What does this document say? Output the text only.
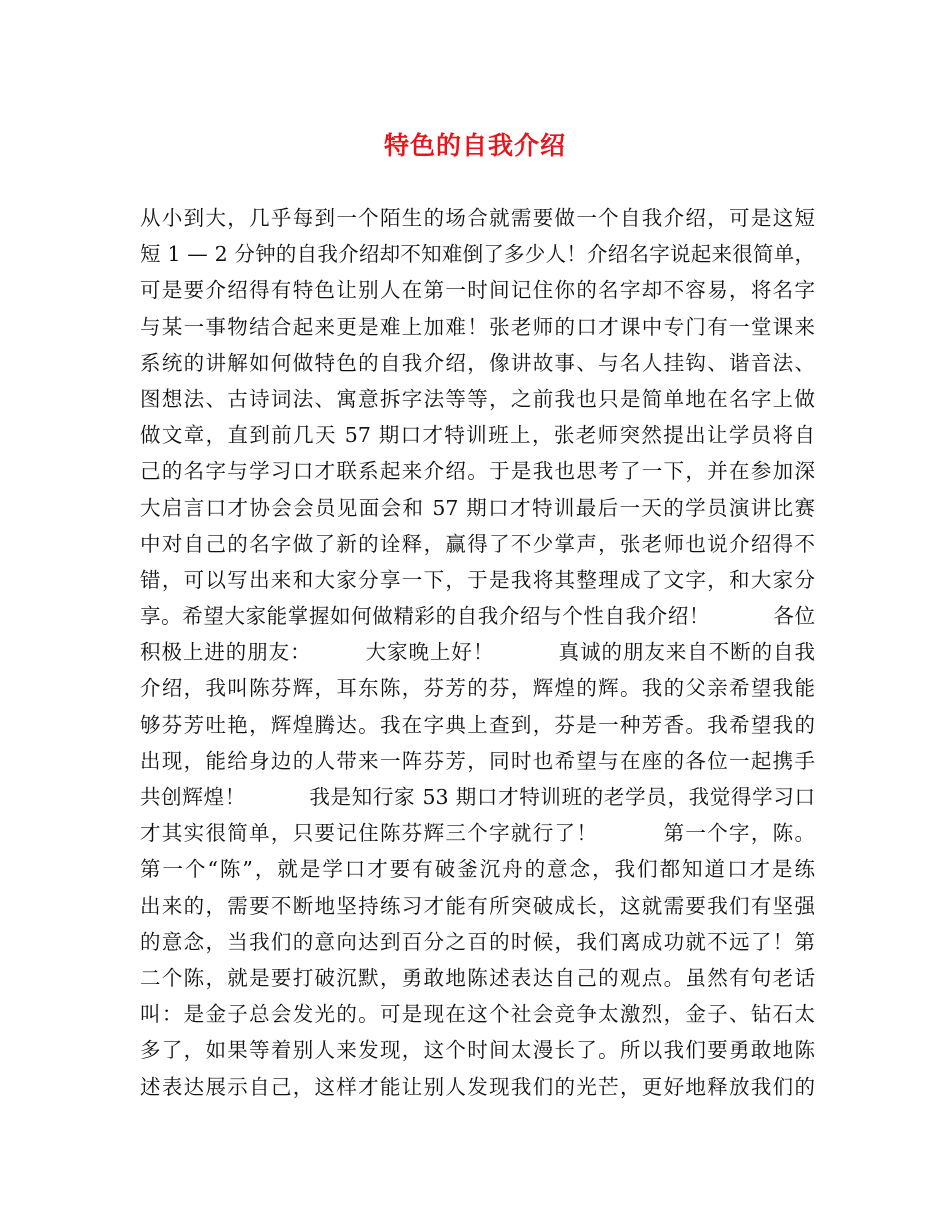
特色的自我介绍
从小到大，几乎每到一个陌生的场合就需要做一个自我介绍，可是这短
短 1 — 2 分钟的自我介绍却不知难倒了多少人！介绍名字说起来很简单，
可是要介绍得有特色让别人在第一时间记住你的名字却不容易，将名字
与某一事物结合起来更是难上加难！张老师的口才课中专门有一堂课来
系统的讲解如何做特色的自我介绍，像讲故事、与名人挂钩、谐音法、
图想法、古诗词法、寓意拆字法等等，之前我也只是简单地在名字上做
做文章，直到前几天 57 期口才特训班上，张老师突然提出让学员将自
己的名字与学习口才联系起来介绍。于是我也思考了一下，并在参加深
大启言口才协会会员见面会和 57 期口才特训最后一天的学员演讲比赛
中对自己的名字做了新的诠释，赢得了不少掌声，张老师也说介绍得不
错，可以写出来和大家分享一下，于是我将其整理成了文字，和大家分
享。希望大家能掌握如何做精彩的自我介绍与个性自我介绍！　　　各位
积极上进的朋友：　　　大家晚上好！　　　真诚的朋友来自不断的自我
介绍，我叫陈芬辉，耳东陈，芬芳的芬，辉煌的辉。我的父亲希望我能
够芬芳吐艳，辉煌腾达。我在字典上查到，芬是一种芳香。我希望我的
出现，能给身边的人带来一阵芬芳，同时也希望与在座的各位一起携手
共创辉煌！　　　我是知行家 53 期口才特训班的老学员，我觉得学习口
才其实很简单，只要记住陈芬辉三个字就行了！　　　第一个字，陈。
第一个“陈”，就是学口才要有破釜沉舟的意念，我们都知道口才是练
出来的，需要不断地坚持练习才能有所突破成长，这就需要我们有坚强
的意念，当我们的意向达到百分之百的时候，我们离成功就不远了！第
二个陈，就是要打破沉默，勇敢地陈述表达自己的观点。虽然有句老话
叫：是金子总会发光的。可是现在这个社会竞争太激烈，金子、钻石太
多了，如果等着别人来发现，这个时间太漫长了。所以我们要勇敢地陈
述表达展示自己，这样才能让别人发现我们的光芒，更好地释放我们的
